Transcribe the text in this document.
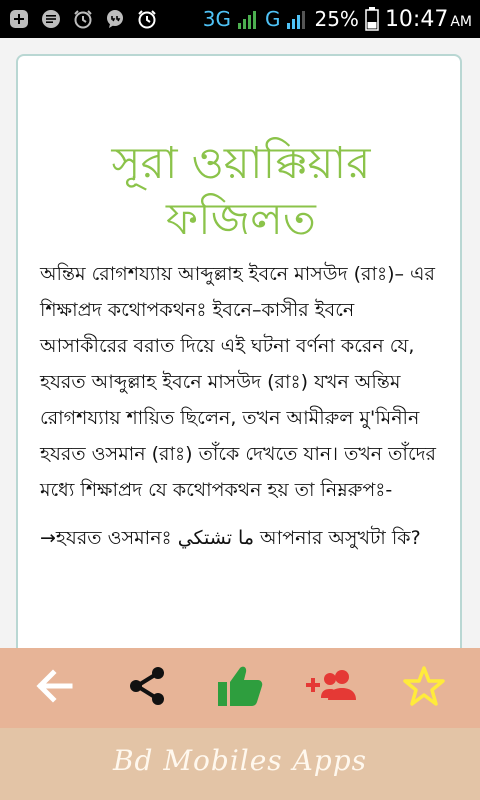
3G G 25% 10:47 AM
সূরা ওয়াক্কিয়ার
ফজিলত

অন্তিম রোগশয্যায় আব্দুল্লাহ ইবনে মাসউদ (রাঃ)– এর শিক্ষাপ্রদ কথোপকথনঃ ইবনে–কাসীর ইবনে আসাকীরের বরাত দিয়ে এই ঘটনা বর্ণনা করেন যে, হযরত আব্দুল্লাহ ইবনে মাসউদ (রাঃ) যখন অন্তিম রোগশয্যায় শায়িত ছিলেন, তখন আমীরুল মু'মিনীন হযরত ওসমান (রাঃ) তাঁকে দেখতে যান। তখন তাঁদের মধ্যে শিক্ষাপ্রদ যে কথোপকথন হয় তা নিম্নরুপঃ-

→হযরত ওসমানঃ ما تشتكي আপনার অসুখটা কি?

Bd Mobiles Apps
